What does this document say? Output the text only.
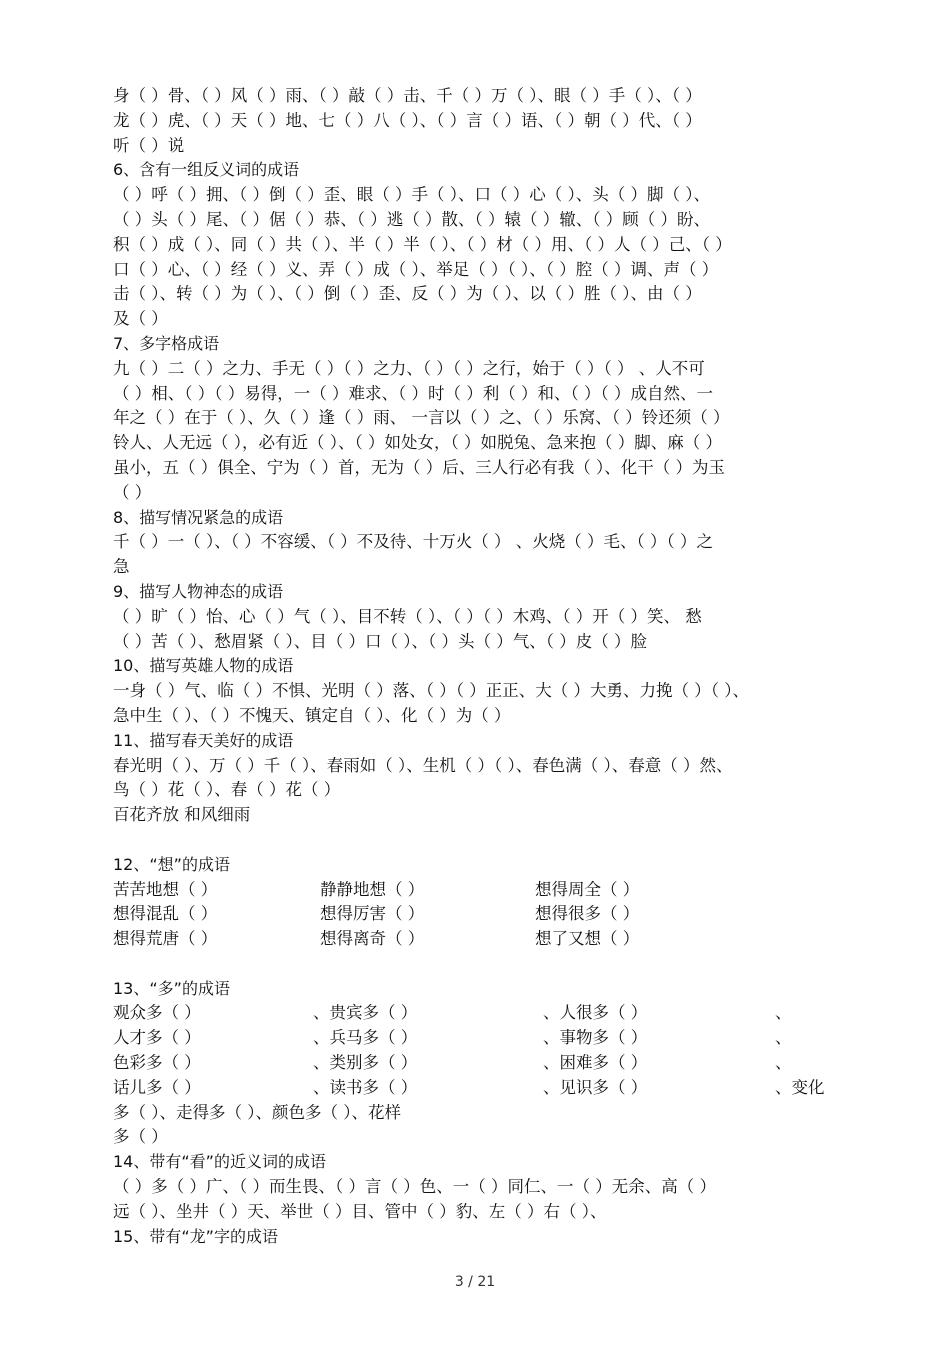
身（ ）骨、（ ）风（ ）雨、（ ）敲（ ）击、千（ ）万（ ）、眼（ ）手（ ）、（ ）
龙（ ）虎、（ ）天（ ）地、七（ ）八（ ）、（ ）言（ ）语、（ ）朝（ ）代、（ ）
听（ ）说
6、含有一组反义词的成语
（ ）呼（ ）拥、（ ）倒（ ）歪、眼（ ）手（ ）、口（ ）心（ ）、头（ ）脚（ ）、
（ ）头（ ）尾、（ ）倨（ ）恭、（ ）逃（ ）散、（ ）辕（ ）辙、（ ）顾（ ）盼、
积（ ）成（ ）、同（ ）共（ ）、半（ ）半（ ）、（ ）材（ ）用、（ ）人（ ）己、（ ）
口（ ）心、（ ）经（ ）义、弄（ ）成（ ）、举足（ ）（ ）、（ ）腔（ ）调、声（ ）
击（ ）、转（ ）为（ ）、（ ）倒（ ）歪、反（ ）为（ ）、以（ ）胜（ ）、由（ ）
及（ ）
7、多字格成语
九（ ）二（ ）之力、手无（ ）（ ）之力、（ ）（ ）之行，始于（ ）（ ） 、人不可
（ ）相、（ ）（ ）易得，一（ ）难求、（ ）时（ ）利（ ）和、（ ）（ ）成自然、一
年之（ ）在于（ ）、久（ ）逢（ ）雨、 一言以（ ）之、（ ）乐窝、（ ）铃还须（ ）
铃人、人无远（ ），必有近（ ）、（ ）如处女，（ ）如脱兔、急来抱（ ）脚、麻（ ）
虽小，五（ ）俱全、宁为（ ）首，无为（ ）后、三人行必有我（ ）、化干（ ）为玉
（ ）
8、描写情况紧急的成语
千（ ）一（ ）、（ ）不容缓、（ ）不及待、十万火（ ） 、火烧（ ）毛、（ ）（ ）之
急
9、描写人物神态的成语
（ ）旷（ ）怡、心（ ）气（ ）、目不转（ ）、（ ）（ ）木鸡、（ ）开（ ）笑、 愁
（ ）苦（ ）、愁眉紧（ ）、目（ ）口（ ）、（ ）头（ ）气、（ ）皮（ ）脸
10、描写英雄人物的成语
一身（ ）气、临（ ）不惧、光明（ ）落、（ ）（ ）正正、大（ ）大勇、力挽（ ）（ ）、
急中生（ ）、（ ）不愧天、镇定自（ ）、化（ ）为（ ）
11、描写春天美好的成语
春光明（ ）、万（ ）千（ ）、春雨如（ ）、生机（ ）（ ）、春色满（ ）、春意（ ）然、
鸟（ ）花（ ）、春（ ）花（ ）
百花齐放 和风细雨
12、“想”的成语
苦苦地想（ ）	静静地想（ ）	想得周全（ ）
想得混乱（ ）	想得厉害（ ）	想得很多（ ）
想得荒唐（ ）	想得离奇（ ）	想了又想（ ）
13、“多”的成语
观众多（ ）	、贵宾多（ ）	、人很多（ ）	、
人才多（ ）	、兵马多（ ）	、事物多（ ）	、
色彩多（ ）	、类别多（ ）	、困难多（ ）	、
话儿多（ ）	、读书多（ ）	、见识多（ ）	、变化
多（ ）、走得多（ ）、颜色多（ ）、花样
多（ ）
14、带有“看”的近义词的成语
（ ）多（ ）广、（ ）而生畏、（ ）言（ ）色、一（ ）同仁、一（ ）无余、高（ ）
远（ ）、坐井（ ）天、举世（ ）目、管中（ ）豹、左（ ）右（ ）、
15、带有“龙”字的成语
3 / 21
